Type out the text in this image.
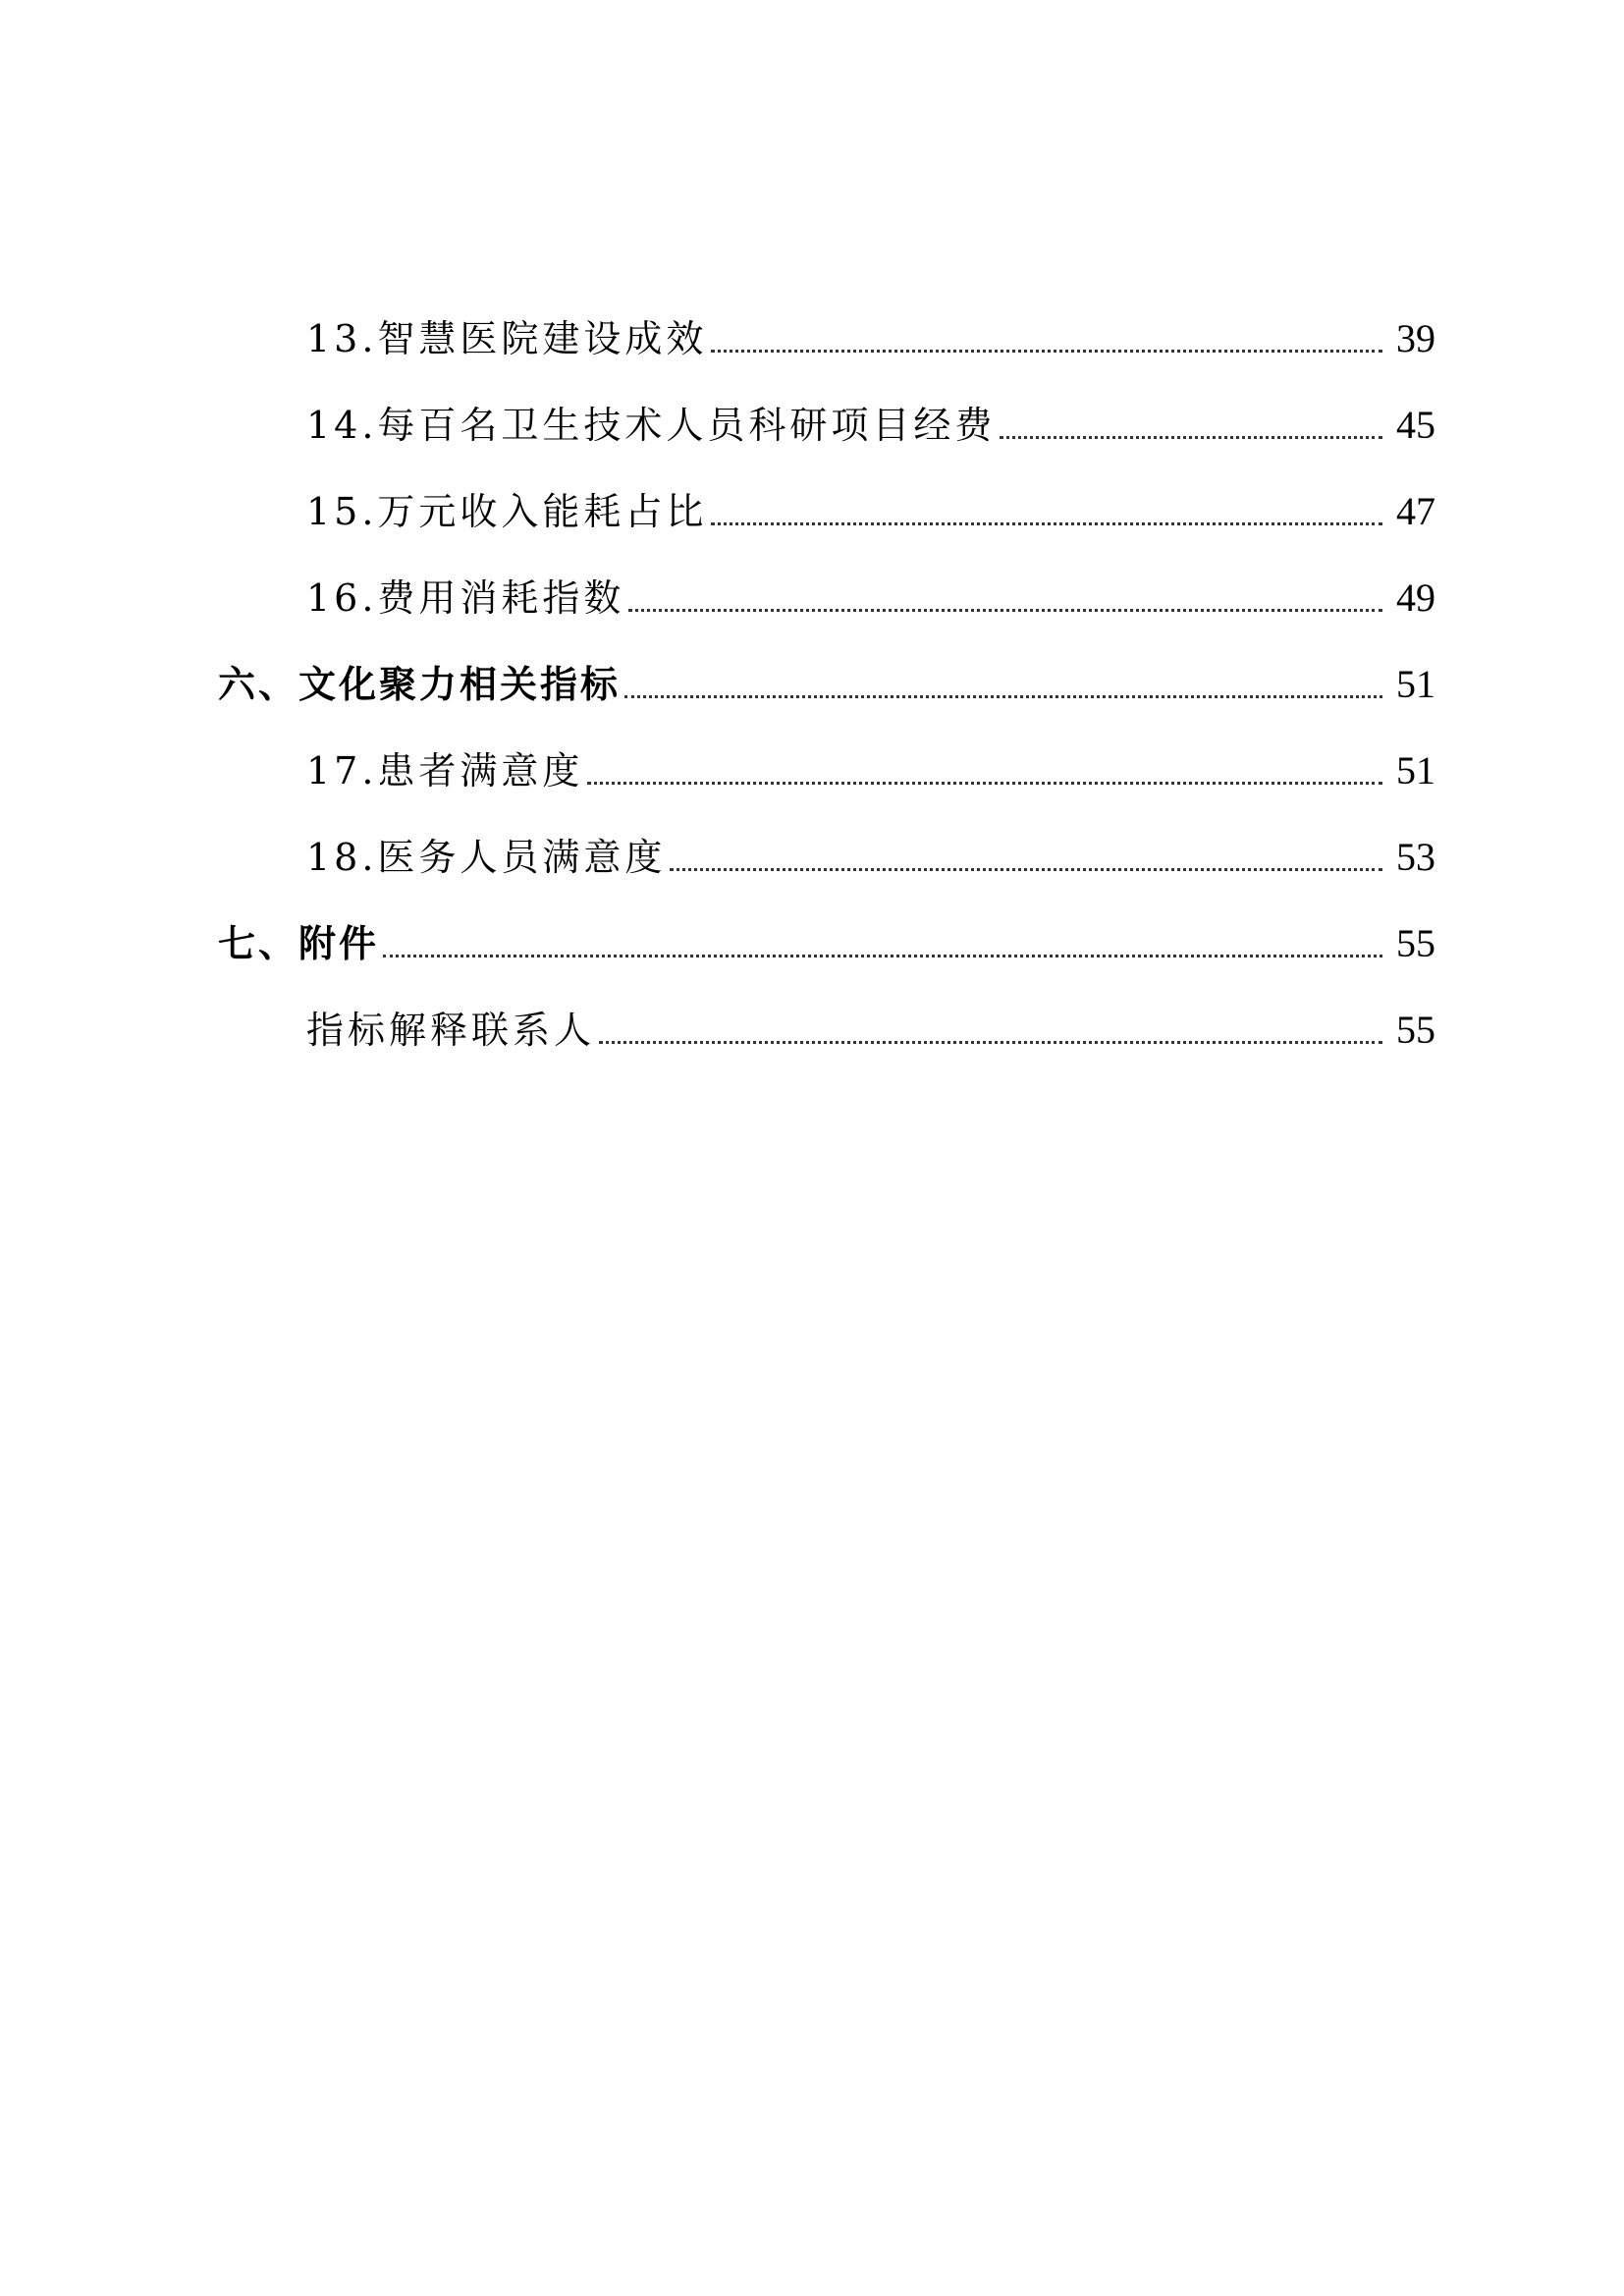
13.智慧医院建设成效	39
14.每百名卫生技术人员科研项目经费	45
15.万元收入能耗占比	47
16.费用消耗指数	49
六、文化聚力相关指标	51
17.患者满意度	51
18.医务人员满意度	53
七、附件	55
指标解释联系人	55
